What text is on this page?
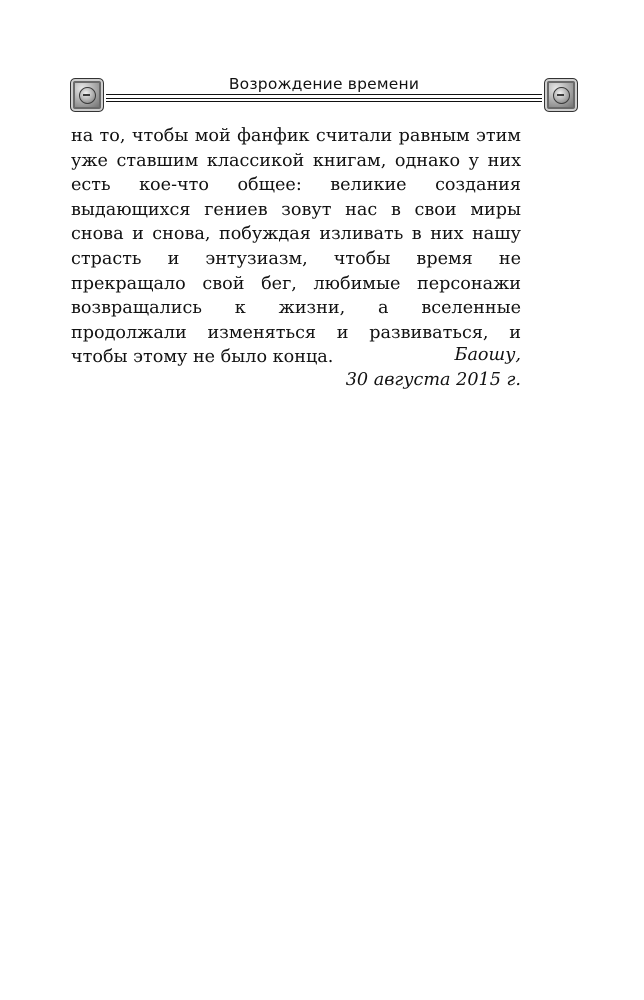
Возрождение времени

на то, чтобы мой фанфик считали равным этим уже ставшим классикой книгам, однако у них есть кое-что общее: великие создания выдающихся гениев зовут нас в свои миры снова и снова, побуждая изливать в них нашу страсть и энтузиазм, чтобы время не прекращало свой бег, любимые персонажи возвращались к жизни, а вселенные продолжали изменяться и развиваться, и чтобы этому не было конца.	Баошу,
30 августа 2015 г.
